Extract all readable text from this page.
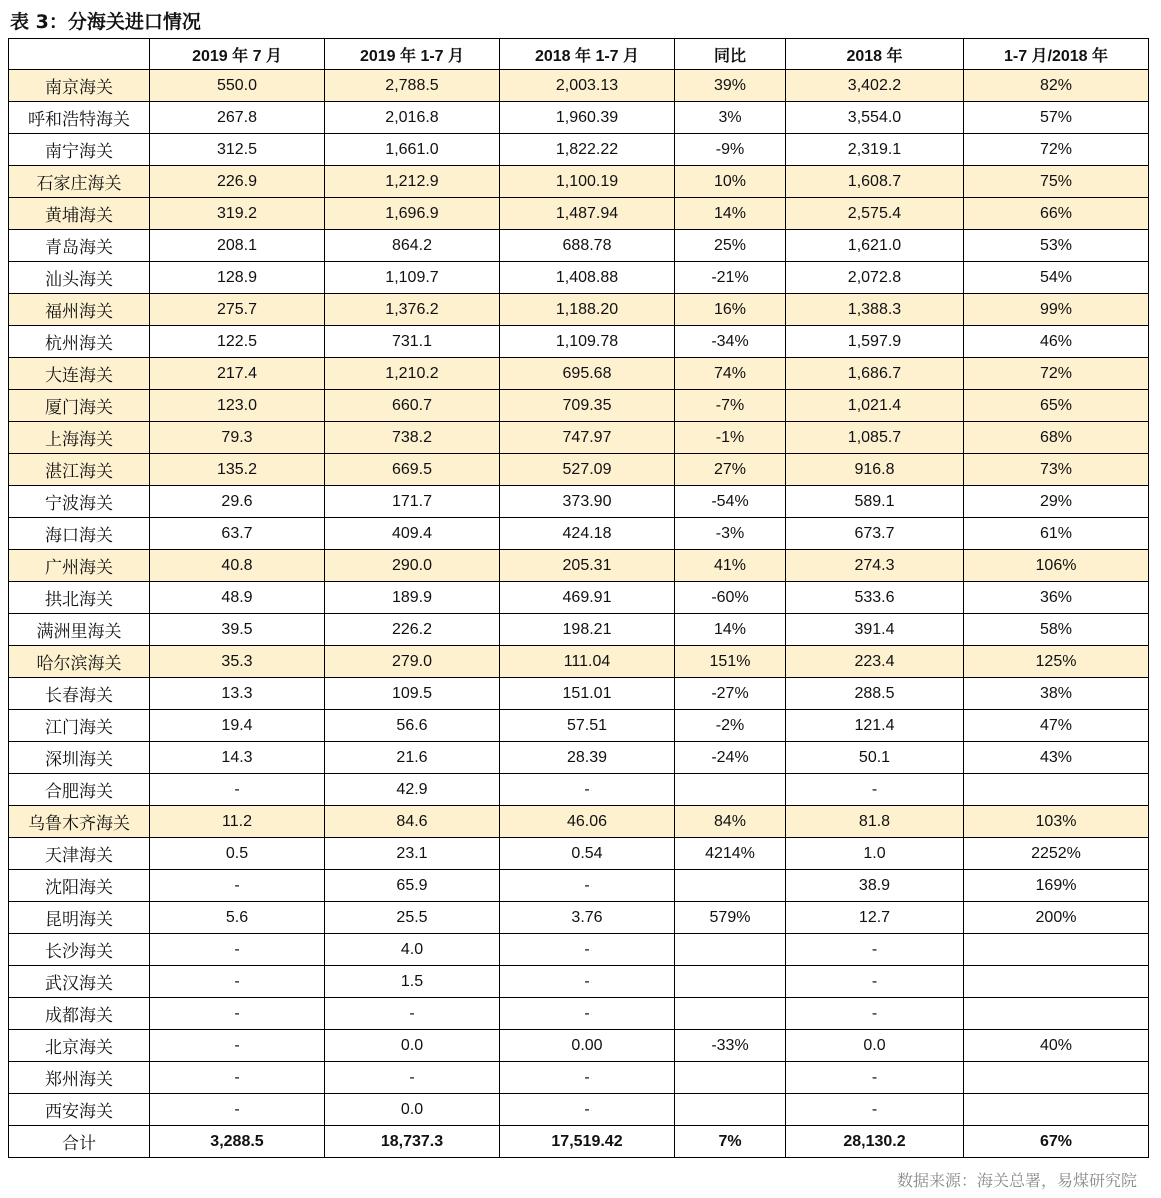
表 3：分海关进口情况
	2019 年 7 月	2019 年 1-7 月	2018 年 1-7 月	同比	2018 年	1-7 月/2018 年
南京海关	550.0	2,788.5	2,003.13	39%	3,402.2	82%
呼和浩特海关	267.8	2,016.8	1,960.39	3%	3,554.0	57%
南宁海关	312.5	1,661.0	1,822.22	-9%	2,319.1	72%
石家庄海关	226.9	1,212.9	1,100.19	10%	1,608.7	75%
黄埔海关	319.2	1,696.9	1,487.94	14%	2,575.4	66%
青岛海关	208.1	864.2	688.78	25%	1,621.0	53%
汕头海关	128.9	1,109.7	1,408.88	-21%	2,072.8	54%
福州海关	275.7	1,376.2	1,188.20	16%	1,388.3	99%
杭州海关	122.5	731.1	1,109.78	-34%	1,597.9	46%
大连海关	217.4	1,210.2	695.68	74%	1,686.7	72%
厦门海关	123.0	660.7	709.35	-7%	1,021.4	65%
上海海关	79.3	738.2	747.97	-1%	1,085.7	68%
湛江海关	135.2	669.5	527.09	27%	916.8	73%
宁波海关	29.6	171.7	373.90	-54%	589.1	29%
海口海关	63.7	409.4	424.18	-3%	673.7	61%
广州海关	40.8	290.0	205.31	41%	274.3	106%
拱北海关	48.9	189.9	469.91	-60%	533.6	36%
满洲里海关	39.5	226.2	198.21	14%	391.4	58%
哈尔滨海关	35.3	279.0	111.04	151%	223.4	125%
长春海关	13.3	109.5	151.01	-27%	288.5	38%
江门海关	19.4	56.6	57.51	-2%	121.4	47%
深圳海关	14.3	21.6	28.39	-24%	50.1	43%
合肥海关	-	42.9	-		-	
乌鲁木齐海关	11.2	84.6	46.06	84%	81.8	103%
天津海关	0.5	23.1	0.54	4214%	1.0	2252%
沈阳海关	-	65.9	-		38.9	169%
昆明海关	5.6	25.5	3.76	579%	12.7	200%
长沙海关	-	4.0	-		-	
武汉海关	-	1.5	-		-	
成都海关	-	-	-		-	
北京海关	-	0.0	0.00	-33%	0.0	40%
郑州海关	-	-	-		-	
西安海关	-	0.0	-		-	
合计	3,288.5	18,737.3	17,519.42	7%	28,130.2	67%
数据来源：海关总署，易煤研究院
